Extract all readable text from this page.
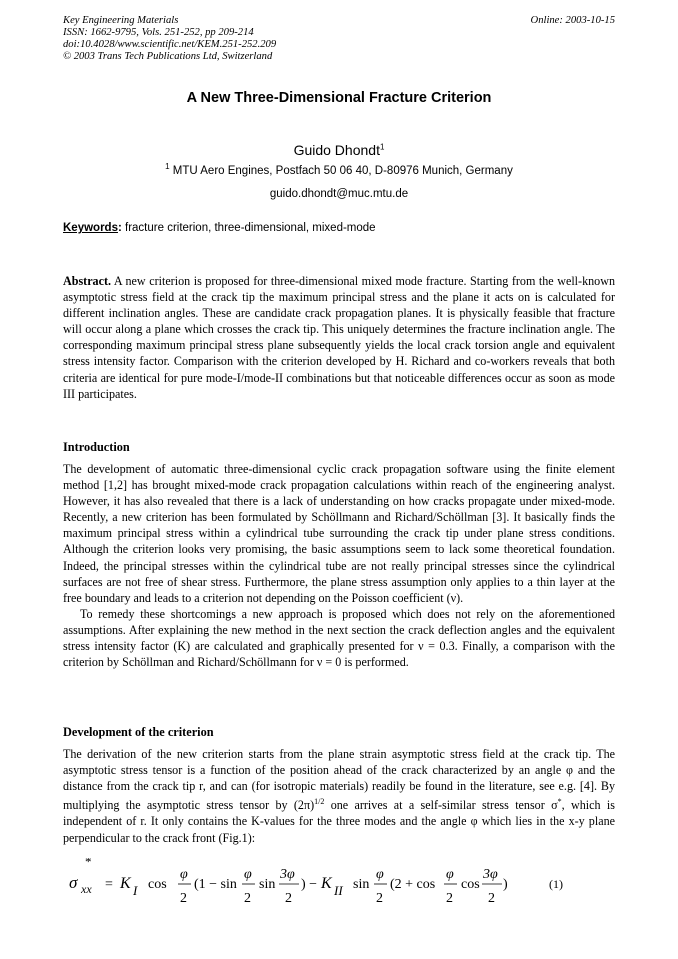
Key Engineering Materials
ISSN: 1662-9795, Vols. 251-252, pp 209-214
doi:10.4028/www.scientific.net/KEM.251-252.209
© 2003 Trans Tech Publications Ltd, Switzerland
Online: 2003-10-15
A New Three-Dimensional Fracture Criterion
Guido Dhondt$^1$
$^1$ MTU Aero Engines, Postfach 50 06 40, D-80976 Munich, Germany
guido.dhondt@muc.mtu.de
Keywords: fracture criterion, three-dimensional, mixed-mode

Abstract. A new criterion is proposed for three-dimensional mixed mode fracture. Starting from the well-known asymptotic stress field at the crack tip the maximum principal stress and the plane it acts on is calculated for different inclination angles. These are candidate crack propagation planes. It is physically feasible that fracture will occur along a plane which crosses the crack tip. This uniquely determines the fracture inclination angle. The corresponding maximum principal stress plane subsequently yields the local crack torsion angle and equivalent stress intensity factor. Comparison with the criterion developed by H. Richard and co-workers reveals that both criteria are identical for pure mode-I/mode-II combinations but that noticeable differences occur as soon as mode III participates.

Introduction

The development of automatic three-dimensional cyclic crack propagation software using the finite element method [1,2] has brought mixed-mode crack propagation calculations within reach of the engineering analyst. However, it has also revealed that there is a lack of understanding on how cracks propagate under mixed-mode. Recently, a new criterion has been formulated by Schöllmann and Richard/Schöllman [3]. It basically finds the maximum principal stress within a cylindrical tube surrounding the crack tip under plane stress conditions. Although the criterion looks very promising, the basic assumptions seem to lack some theoretical foundation. Indeed, the principal stresses within the cylindrical tube are not really principal stresses since the cylindrical surfaces are not free of shear stress. Furthermore, the plane stress assumption only applies to a thin layer at the free boundary and leads to a criterion not depending on the Poisson coefficient (ν).

To remedy these shortcomings a new approach is proposed which does not rely on the aforementioned assumptions. After explaining the new method in the next section the crack deflection angles and the equivalent stress intensity factor (K) are calculated and graphically presented for ν = 0.3. Finally, a comparison with the criterion by Schöllman and Richard/Schöllmann for ν = 0 is performed.

Development of the criterion

The derivation of the new criterion starts from the plane strain asymptotic stress field at the crack tip. The asymptotic stress tensor is a function of the position ahead of the crack characterized by an angle φ and the distance from the crack tip r, and can (for isotropic materials) readily be found in the literature, see e.g. [4]. By multiplying the asymptotic stress tensor by $(2\pi)^{1/2}$ one arrives at a self-similar stress tensor σ*, which is independent of r. It only contains the K-values for the three modes and the angle φ which lies in the x-y plane perpendicular to the crack front (Fig.1):

*
σ xx = K I cos
φ
2
(1 − sin
φ
2
sin
3φ
2
) − K II sin
φ
2
(2 + cos
φ
2
cos
3φ
2
)	(1)
